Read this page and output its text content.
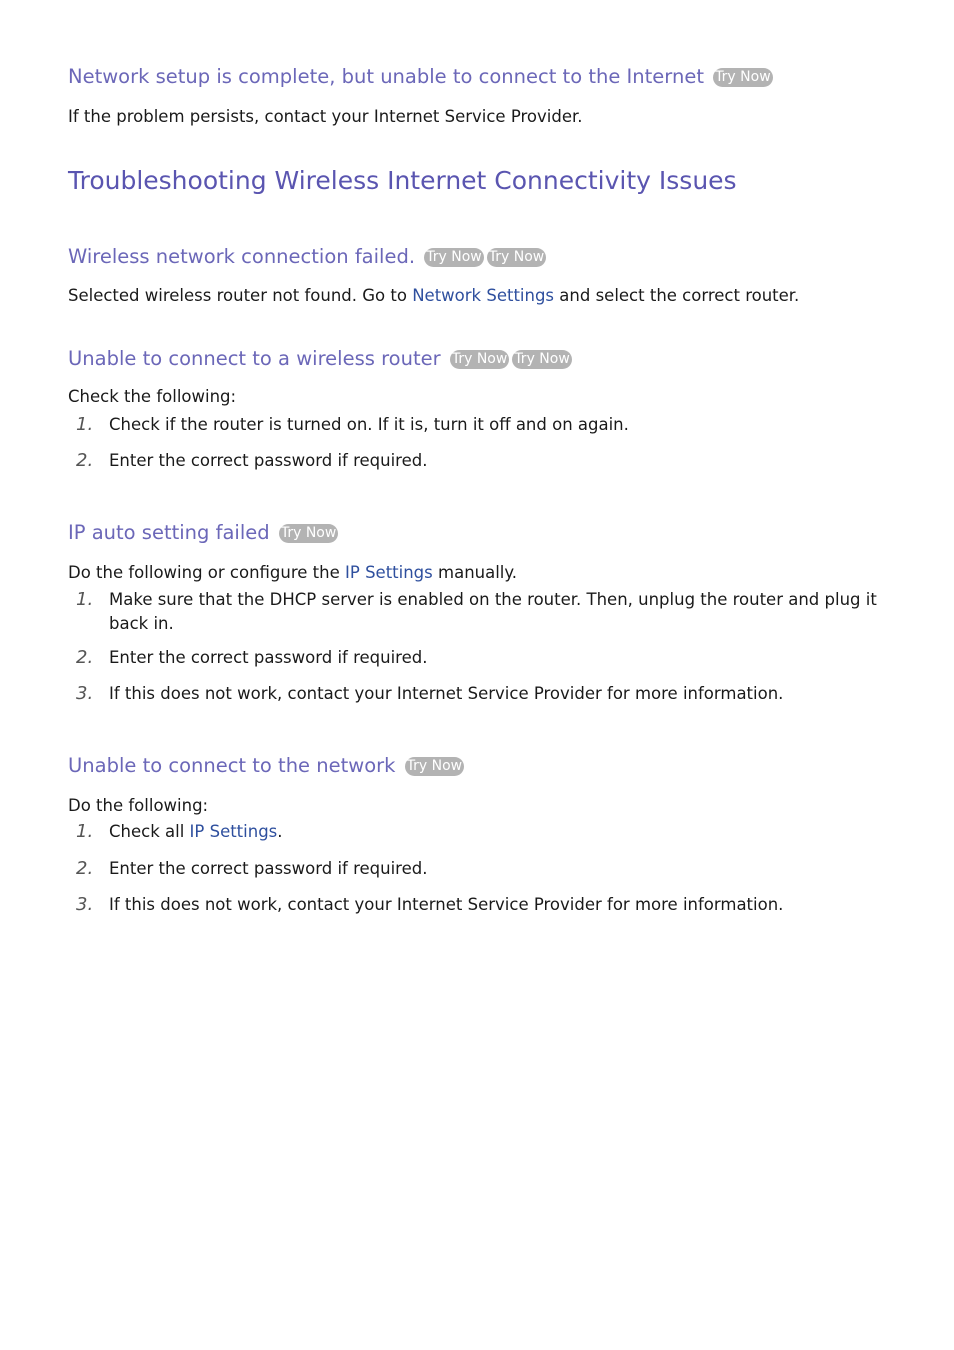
Network setup is complete, but unable to connect to the Internet Try Now

If the problem persists, contact your Internet Service Provider.

Troubleshooting Wireless Internet Connectivity Issues
Wireless network connection failed. Try Now Try Now

Selected wireless router not found. Go to Network Settings and select the correct router.

Unable to connect to a wireless router Try Now Try Now

Check the following:

1. Check if the router is turned on. If it is, turn it off and on again.
2. Enter the correct password if required.
IP auto setting failed Try Now

Do the following or configure the IP Settings manually.

1. Make sure that the DHCP server is enabled on the router. Then, unplug the router and plug it back in.
2. Enter the correct password if required.
3. If this does not work, contact your Internet Service Provider for more information.
Unable to connect to the network Try Now

Do the following:

1. Check all IP Settings.
2. Enter the correct password if required.
3. If this does not work, contact your Internet Service Provider for more information.
